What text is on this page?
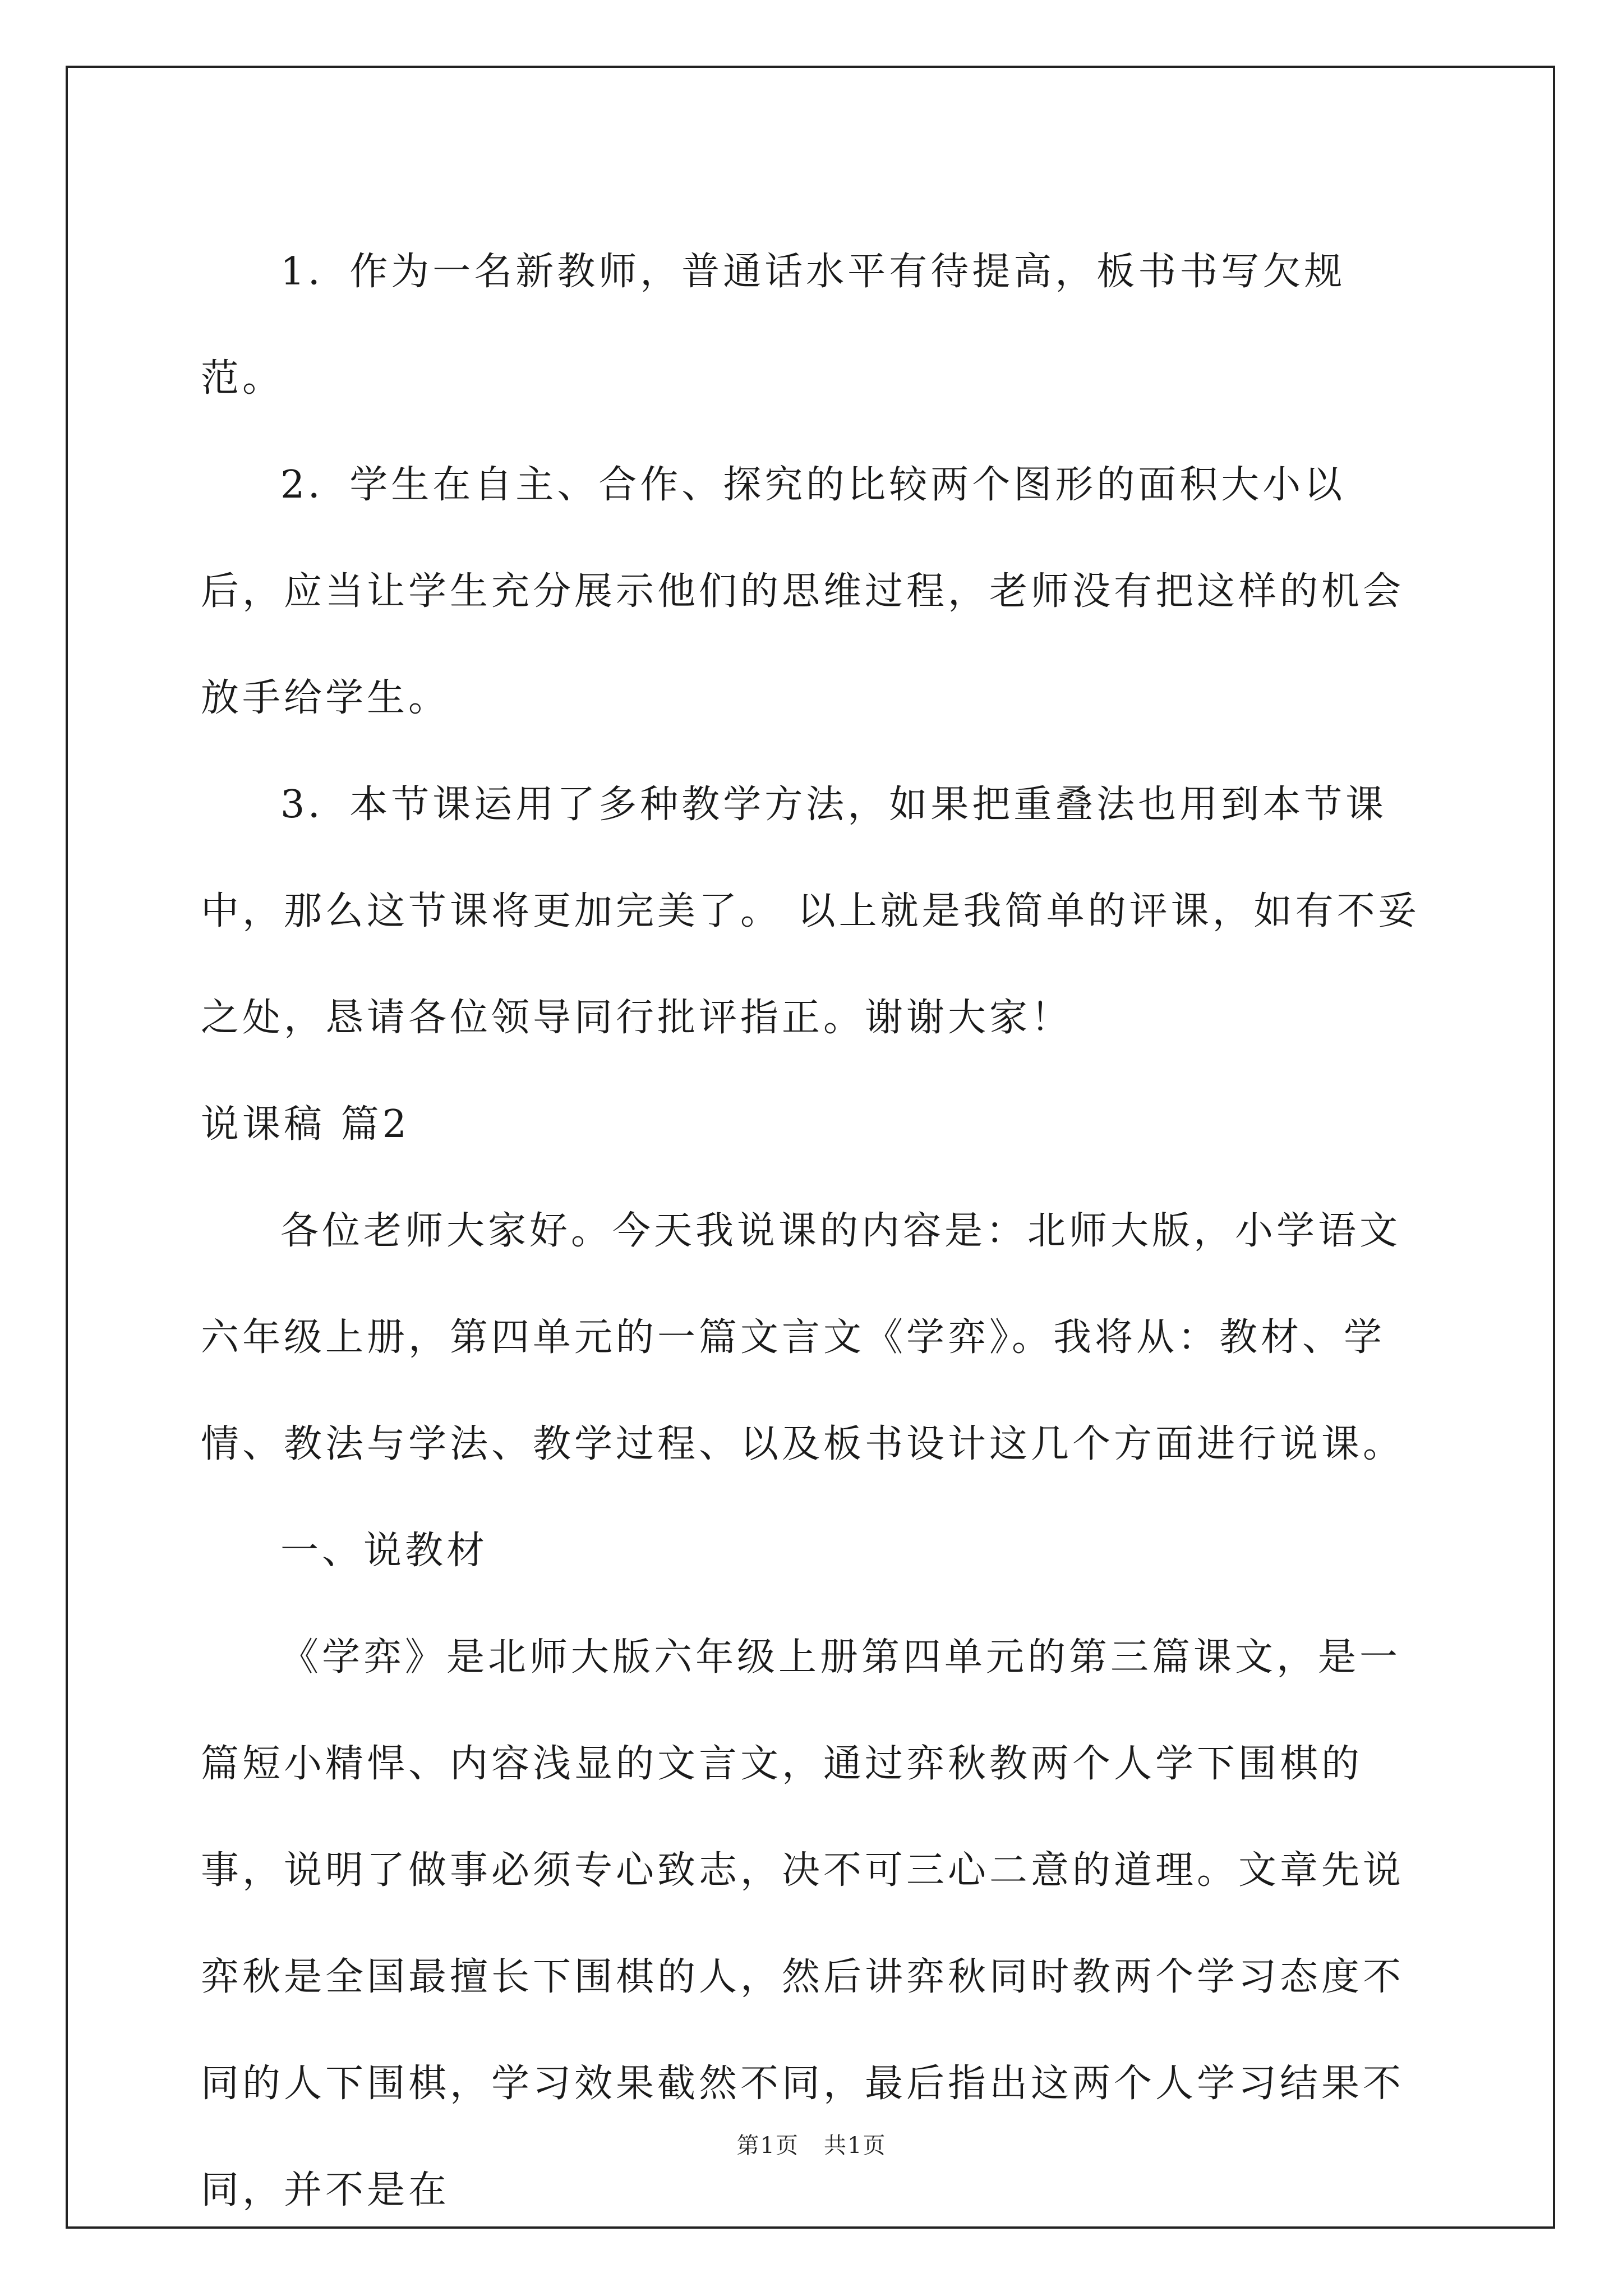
1．作为一名新教师，普通话水平有待提高，板书书写欠规范。

2．学生在自主、合作、探究的比较两个图形的面积大小以后，应当让学生充分展示他们的思维过程，老师没有把这样的机会放手给学生。

3．本节课运用了多种教学方法，如果把重叠法也用到本节课中，那么这节课将更加完美了。 以上就是我简单的评课，如有不妥之处，恳请各位领导同行批评指正。谢谢大家！

说课稿 篇2

各位老师大家好。今天我说课的内容是：北师大版，小学语文六年级上册，第四单元的一篇文言文《学弈》。我将从：教材、学情、教法与学法、教学过程、以及板书设计这几个方面进行说课。

一、说教材

《学弈》是北师大版六年级上册第四单元的第三篇课文，是一篇短小精悍、内容浅显的文言文，通过弈秋教两个人学下围棋的事，说明了做事必须专心致志，决不可三心二意的道理。文章先说弈秋是全国最擅长下围棋的人，然后讲弈秋同时教两个学习态度不同的人下围棋，学习效果截然不同，最后指出这两个人学习结果不同，并不是在

第1页 共1页
